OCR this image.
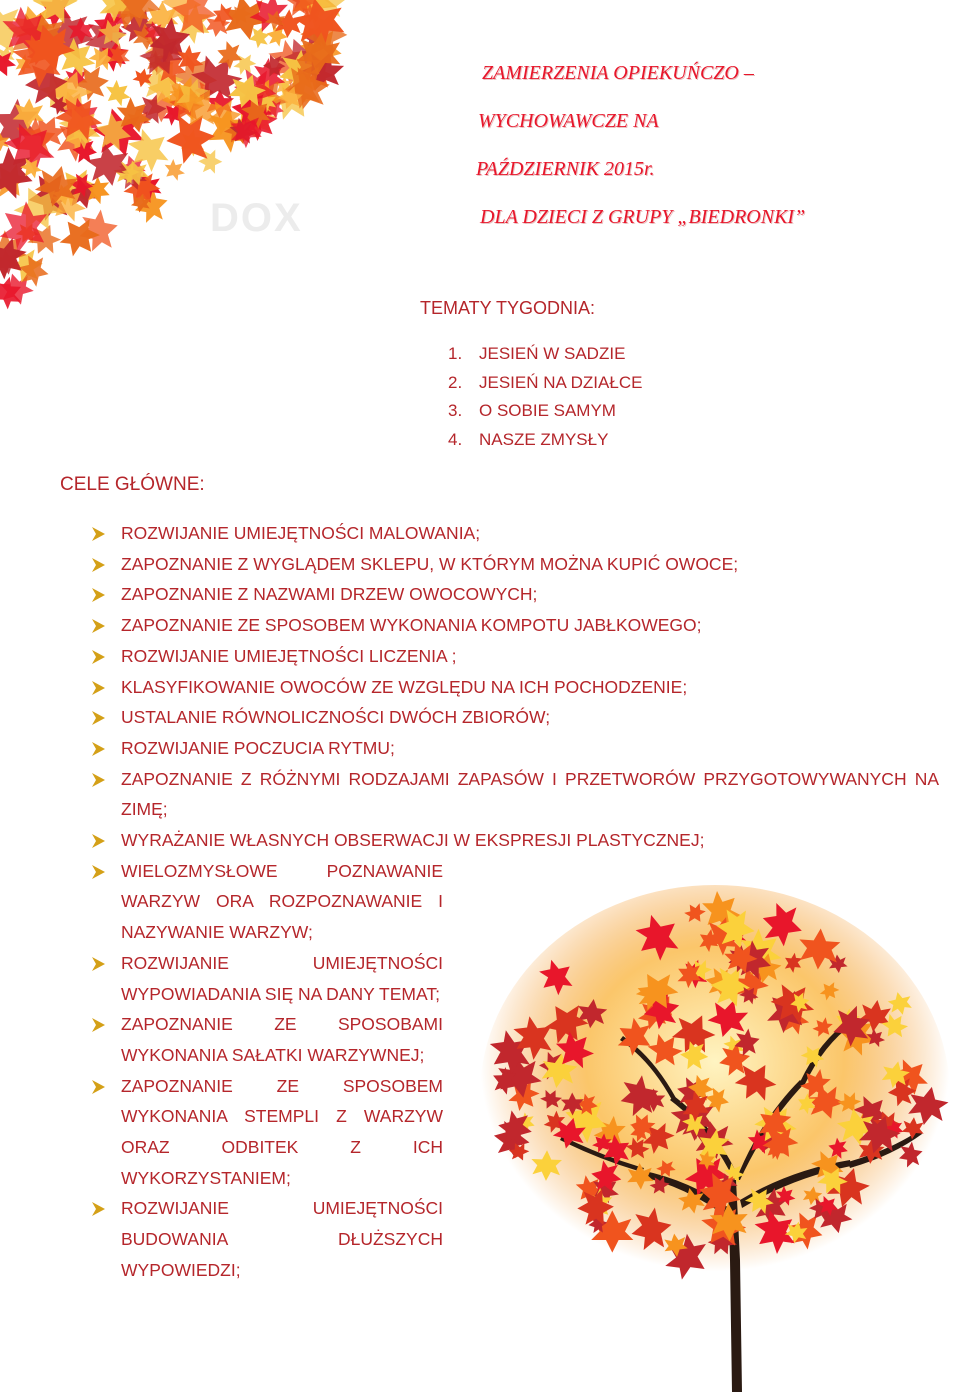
DOX
ZAMIERZENIA OPIEKUŃCZO –
WYCHOWAWCZE NA
PAŹDZIERNIK 2015r.
DLA DZIECI Z GRUPY „BIEDRONKI”
TEMATY TYGODNIA:
1. JESIEŃ W SADZIE
2. JESIEŃ NA DZIAŁCE
3. O SOBIE SAMYM
4. NASZE ZMYSŁY
CELE GŁÓWNE:
ROZWIJANIE UMIEJĘTNOŚCI MALOWANIA;
ZAPOZNANIE Z WYGLĄDEM SKLEPU, W KTÓRYM MOŻNA KUPIĆ OWOCE;
ZAPOZNANIE Z NAZWAMI DRZEW OWOCOWYCH;
ZAPOZNANIE ZE SPOSOBEM WYKONANIA KOMPOTU JABŁKOWEGO;
ROZWIJANIE UMIEJĘTNOŚCI LICZENIA ;
KLASYFIKOWANIE OWOCÓW ZE WZGLĘDU NA ICH POCHODZENIE;
USTALANIE RÓWNOLICZNOŚCI DWÓCH ZBIORÓW;
ROZWIJANIE POCZUCIA RYTMU;
ZAPOZNANIE Z RÓŻNYMI RODZAJAMI ZAPASÓW I PRZETWORÓW PRZYGOTOWYWANYCH NA ZIMĘ;
WYRAŻANIE WŁASNYCH OBSERWACJI W EKSPRESJI PLASTYCZNEJ;
WIELOZMYSŁOWE POZNAWANIE WARZYW ORA ROZPOZNAWANIE I NAZYWANIE WARZYW;
ROZWIJANIE UMIEJĘTNOŚCI WYPOWIADANIA SIĘ NA DANY TEMAT;
ZAPOZNANIE ZE SPOSOBAMI WYKONANIA SAŁATKI WARZYWNEJ;
ZAPOZNANIE ZE SPOSOBEM WYKONANIA STEMPLI Z WARZYW ORAZ ODBITEK Z ICH WYKORZYSTANIEM;
ROZWIJANIE UMIEJĘTNOŚCI BUDOWANIA DŁUŻSZYCH WYPOWIEDZI;
